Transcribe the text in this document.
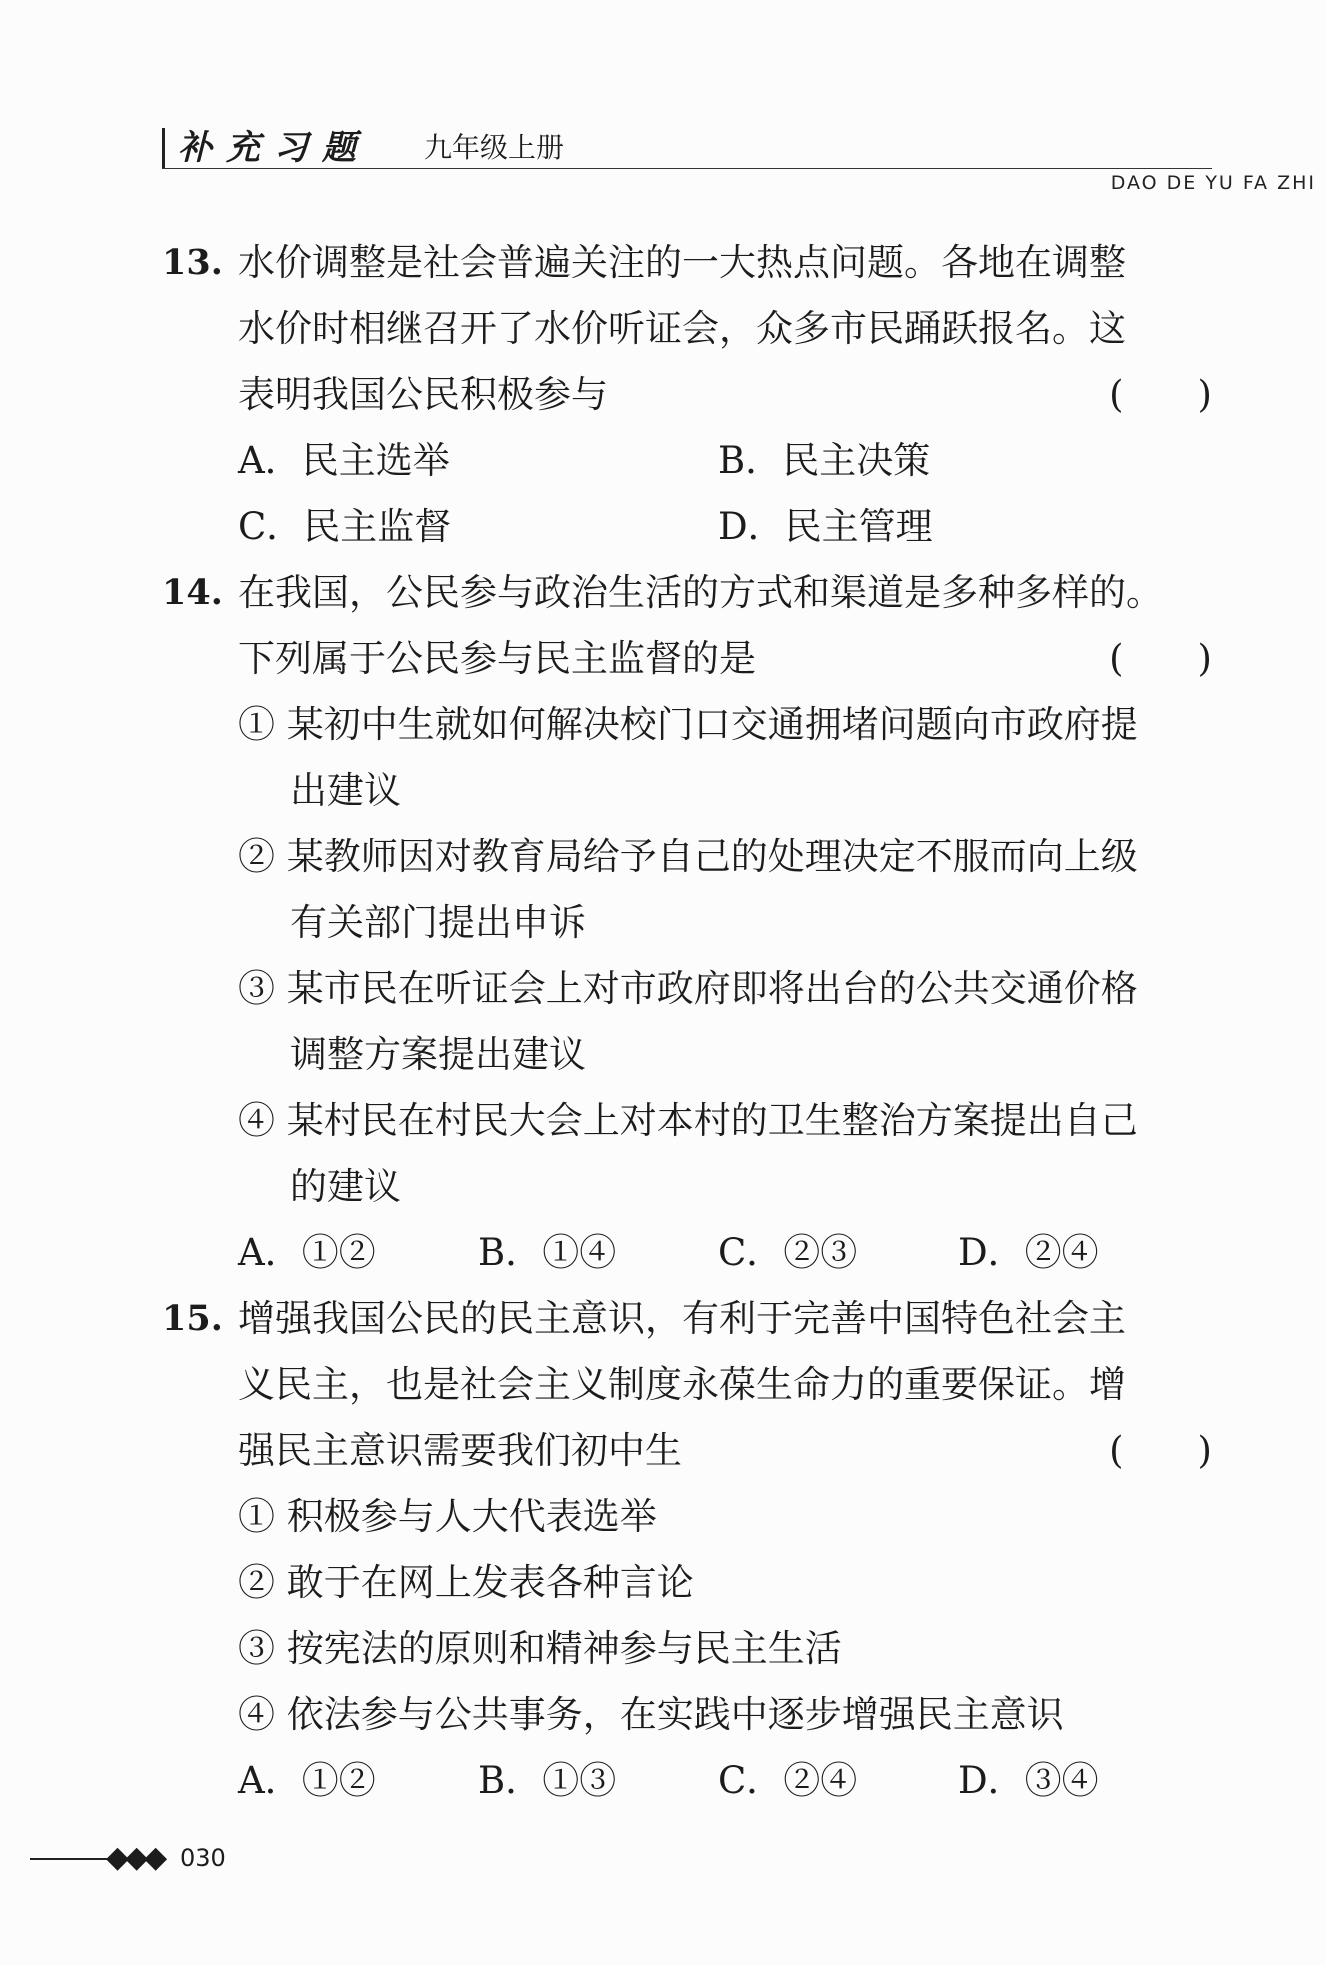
补充习题 九年级上册
DAO DE YU FA ZHI
13. 水价调整是社会普遍关注的一大热点问题。各地在调整
水价时相继召开了水价听证会，众多市民踊跃报名。这
表明我国公民积极参与	(　　)
A．民主选举	B．民主决策
C．民主监督	D．民主管理
14. 在我国，公民参与政治生活的方式和渠道是多种多样的。
下列属于公民参与民主监督的是	(　　)
① 某初中生就如何解决校门口交通拥堵问题向市政府提
出建议
② 某教师因对教育局给予自己的处理决定不服而向上级
有关部门提出申诉
③ 某市民在听证会上对市政府即将出台的公共交通价格
调整方案提出建议
④ 某村民在村民大会上对本村的卫生整治方案提出自己
的建议
A．①②	B．①④	C．②③	D．②④
15. 增强我国公民的民主意识，有利于完善中国特色社会主
义民主，也是社会主义制度永葆生命力的重要保证。增
强民主意识需要我们初中生	(　　)
① 积极参与人大代表选举
② 敢于在网上发表各种言论
③ 按宪法的原则和精神参与民主生活
④ 依法参与公共事务，在实践中逐步增强民主意识
A．①②	B．①③	C．②④	D．③④
◆◆◆ 030
